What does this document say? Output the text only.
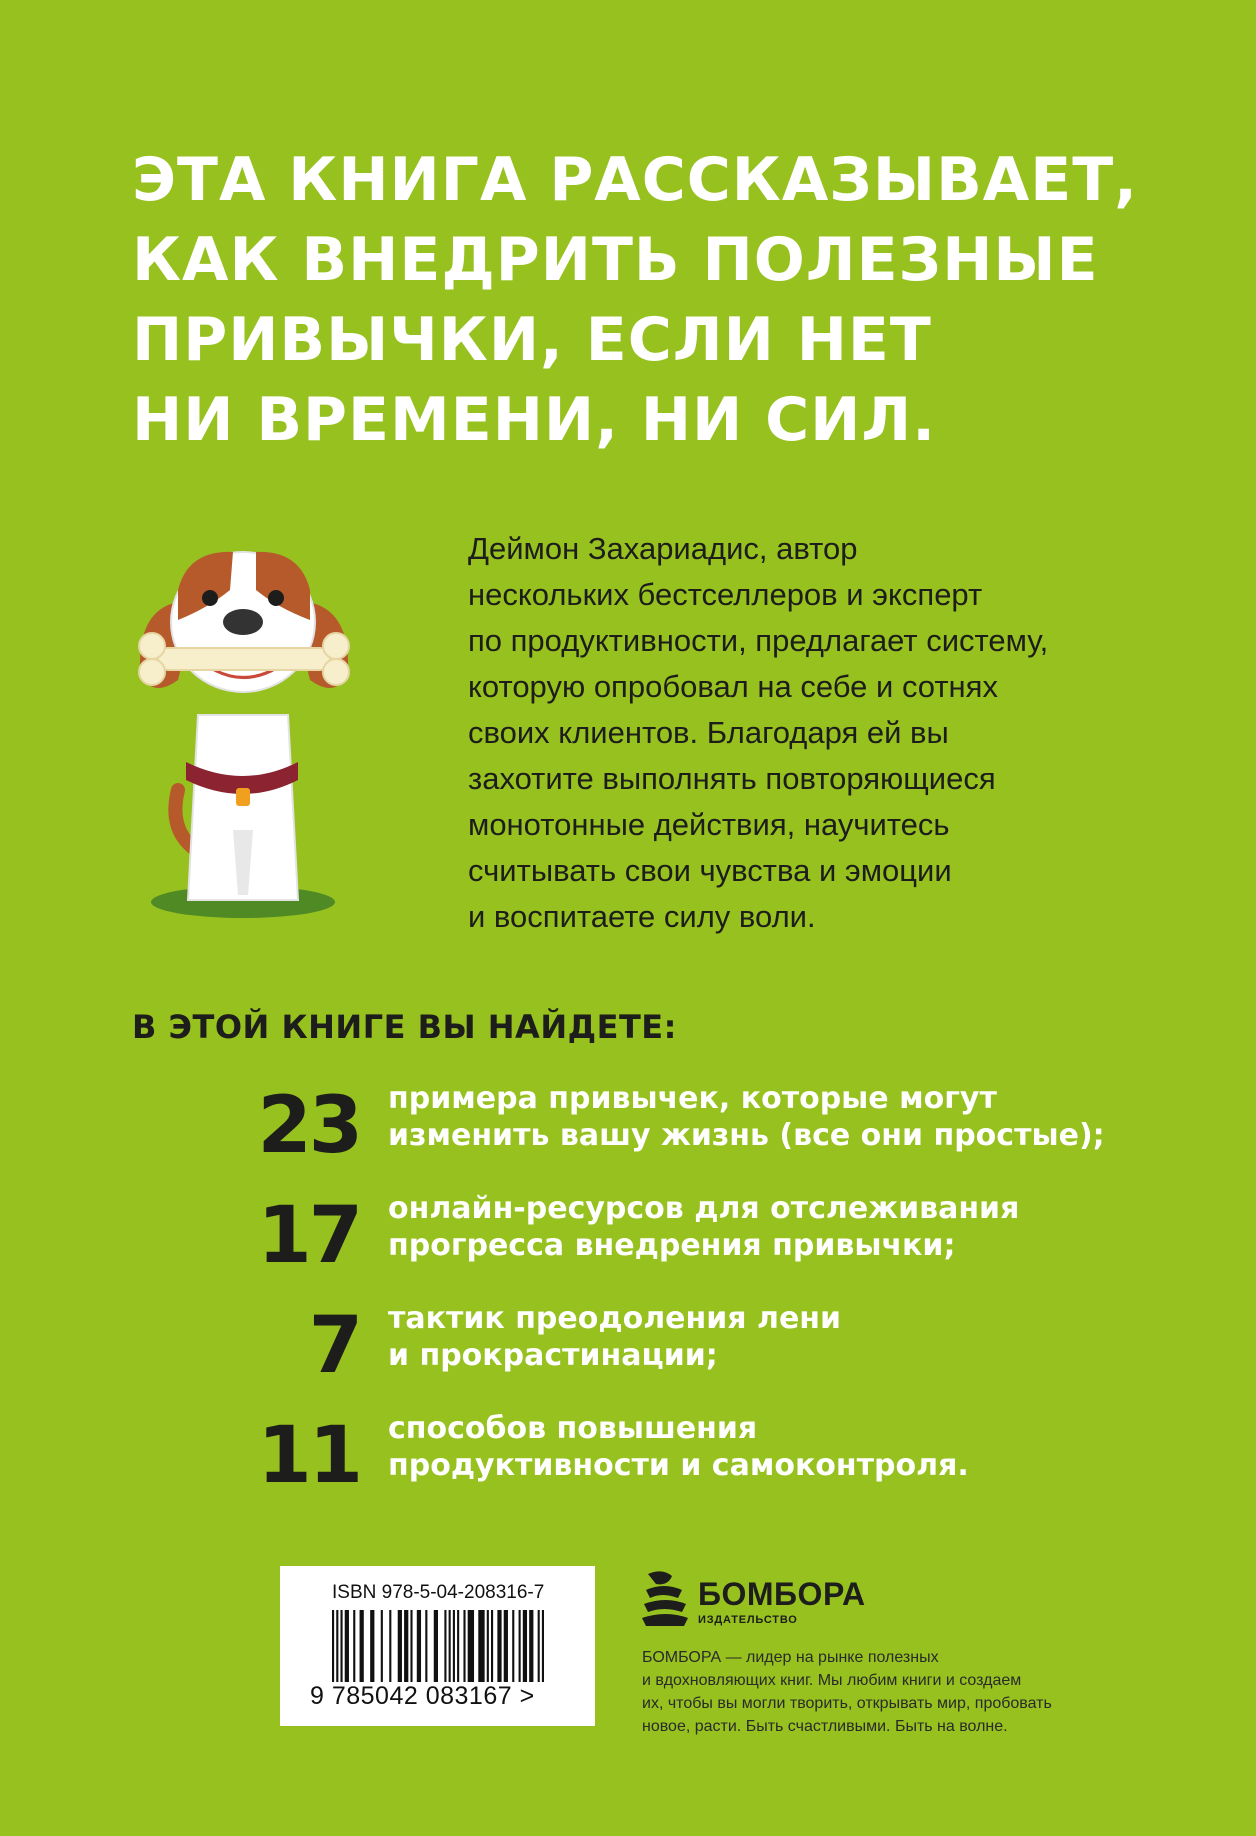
ЭТА КНИГА РАССКАЗЫВАЕТ,
КАК ВНЕДРИТЬ ПОЛЕЗНЫЕ
ПРИВЫЧКИ, ЕСЛИ НЕТ
НИ ВРЕМЕНИ, НИ СИЛ.

Деймон Захариадис, автор
нескольких бестселлеров и эксперт
по продуктивности, предлагает систему,
которую опробовал на себе и сотнях
своих клиентов. Благодаря ей вы
захотите выполнять повторяющиеся
монотонные действия, научитесь
считывать свои чувства и эмоции
и воспитаете силу воли.

В ЭТОЙ КНИГЕ ВЫ НАЙДЕТЕ:
23 примера привычек, которые могут
изменить вашу жизнь (все они простые);
17 онлайн-ресурсов для отслеживания
прогресса внедрения привычки;
7 тактик преодоления лени
и прокрастинации;
11 способов повышения
продуктивности и самоконтроля.
ISBN 978-5-04-208316-7
9 785042 083167 >
БОМБОРА
ИЗДАТЕЛЬСТВО

БОМБОРА — лидер на рынке полезных
и вдохновляющих книг. Мы любим книги и создаем
их, чтобы вы могли творить, открывать мир, пробовать
новое, расти. Быть счастливыми. Быть на волне.
